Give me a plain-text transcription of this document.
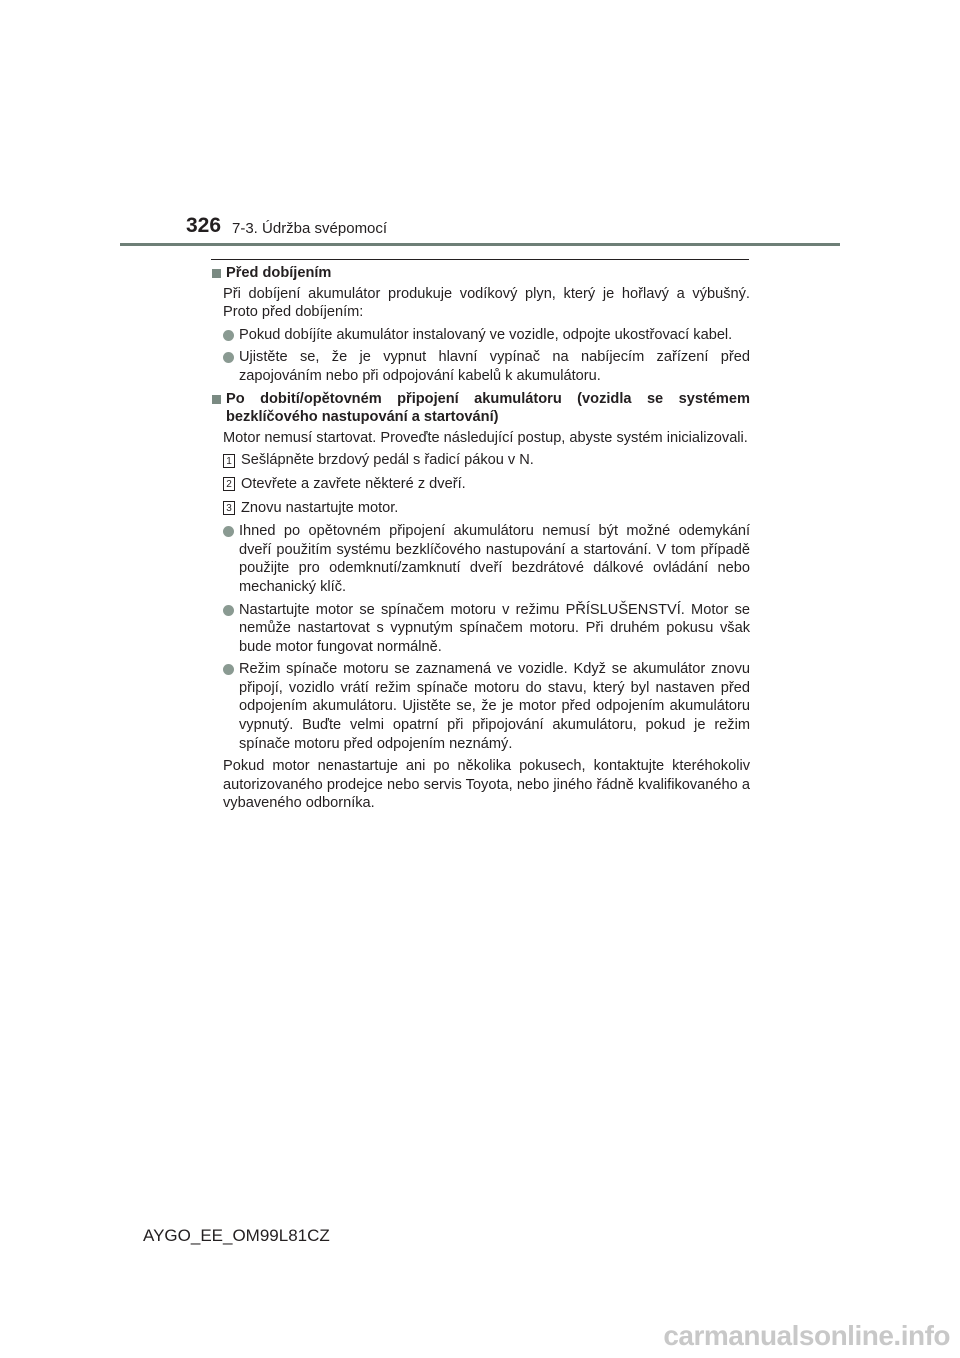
326 7-3. Údržba svépomocí
Před dobíjením
Při dobíjení akumulátor produkuje vodíkový plyn, který je hořlavý a výbušný. Proto před dobíjením:
Pokud dobíjíte akumulátor instalovaný ve vozidle, odpojte ukostřovací kabel.
Ujistěte se, že je vypnut hlavní vypínač na nabíjecím zařízení před zapojováním nebo při odpojování kabelů k akumulátoru.
Po dobití/opětovném připojení akumulátoru (vozidla se systémem bezklíčového nastupování a startování)
Motor nemusí startovat. Proveďte následující postup, abyste systém inicializovali.
1 Sešlápněte brzdový pedál s řadicí pákou v N.
2 Otevřete a zavřete některé z dveří.
3 Znovu nastartujte motor.
Ihned po opětovném připojení akumulátoru nemusí být možné odemykání dveří použitím systému bezklíčového nastupování a startování. V tom případě použijte pro odemknutí/zamknutí dveří bezdrátové dálkové ovládání nebo mechanický klíč.
Nastartujte motor se spínačem motoru v režimu PŘÍSLUŠENSTVÍ. Motor se nemůže nastartovat s vypnutým spínačem motoru. Při druhém pokusu však bude motor fungovat normálně.
Režim spínače motoru se zaznamená ve vozidle. Když se akumulátor znovu připojí, vozidlo vrátí režim spínače motoru do stavu, který byl nastaven před odpojením akumulátoru. Ujistěte se, že je motor před odpojením akumulátoru vypnutý. Buďte velmi opatrní při připojování akumulátoru, pokud je režim spínače motoru před odpojením neznámý.
Pokud motor nenastartuje ani po několika pokusech, kontaktujte kteréhokoliv autorizovaného prodejce nebo servis Toyota, nebo jiného řádně kvalifikovaného a vybaveného odborníka.
AYGO_EE_OM99L81CZ
carmanualsonline.info
